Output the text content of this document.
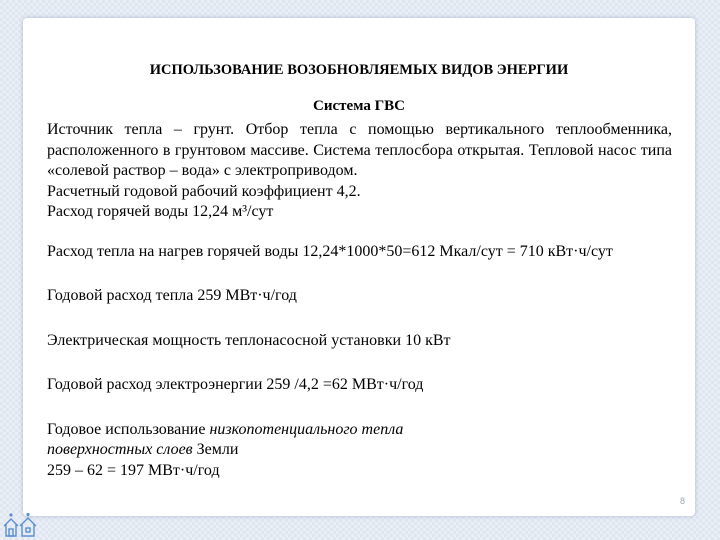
ИСПОЛЬЗОВАНИЕ ВОЗОБНОВЛЯЕМЫХ ВИДОВ ЭНЕРГИИ
Система ГВС
Источник тепла – грунт. Отбор тепла с помощью вертикального теплообменника, расположенного в грунтовом массиве. Система теплосбора открытая. Тепловой насос типа «солевой раствор – вода» с электроприводом.
Расчетный годовой рабочий коэффициент 4,2.
Расход горячей воды 12,24 м³/сут
Расход тепла на нагрев горячей воды 12,24*1000*50=612 Мкал/сут = 710 кВт·ч/сут
Годовой расход тепла 259 МВт·ч/год
Электрическая мощность теплонасосной установки 10 кВт
Годовой расход электроэнергии 259 /4,2 =62 МВт·ч/год
Годовое использование низкопотенциального тепла
поверхностных слоев Земли
259 – 62 = 197 МВт·ч/год
8
